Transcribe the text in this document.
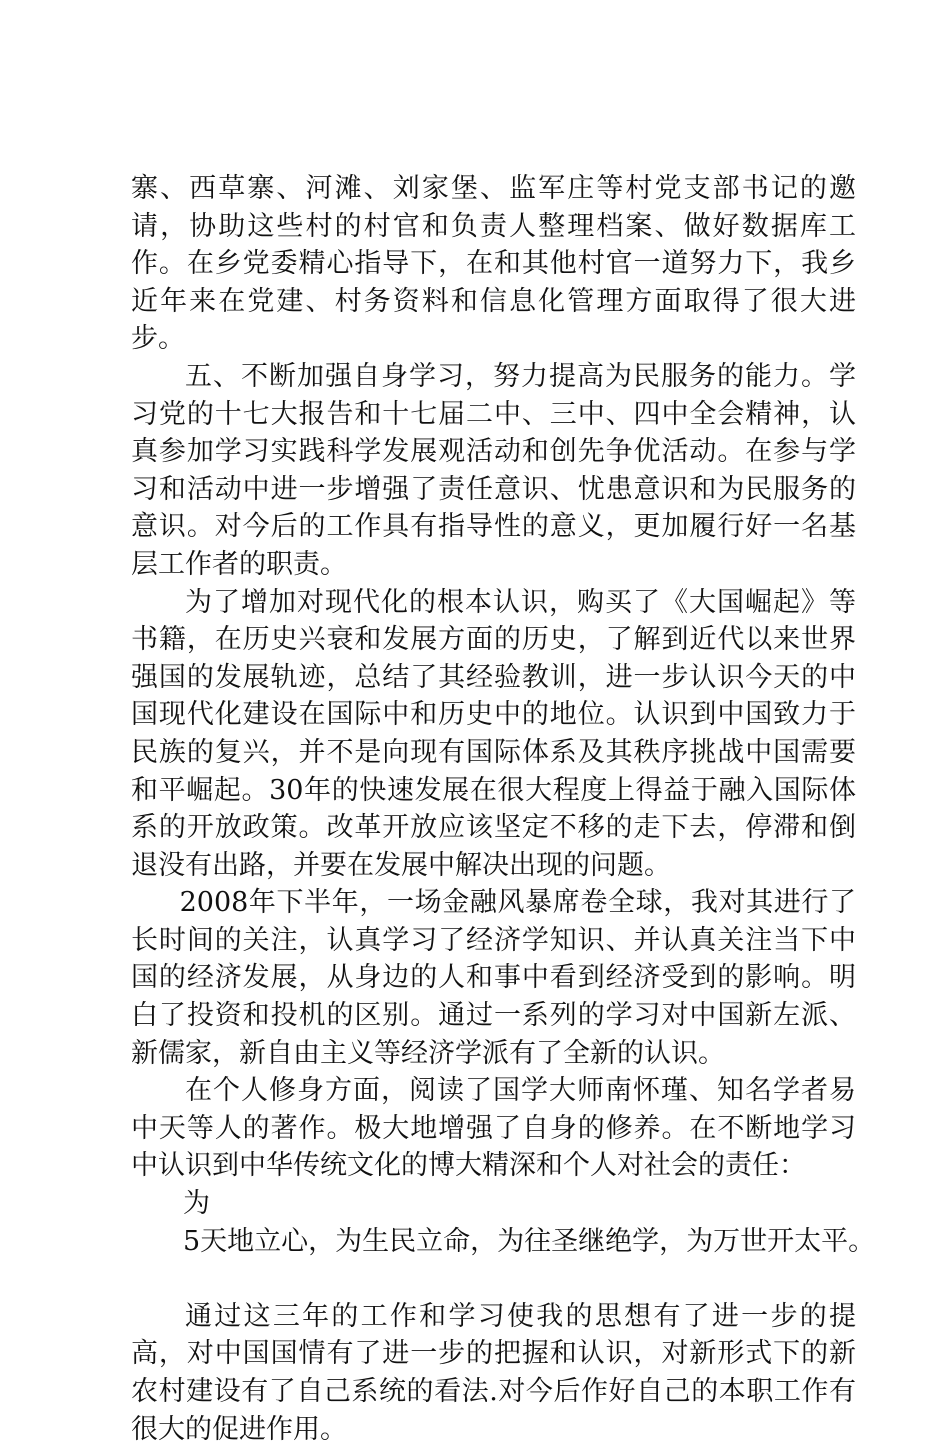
寨、西草寨、河滩、刘家堡、监军庄等村党支部书记的邀请，协助这些村的村官和负责人整理档案、做好数据库工作。在乡党委精心指导下，在和其他村官一道努力下，我乡近年来在党建、村务资料和信息化管理方面取得了很大进步。

五、不断加强自身学习，努力提高为民服务的能力。学习党的十七大报告和十七届二中、三中、四中全会精神，认真参加学习实践科学发展观活动和创先争优活动。在参与学习和活动中进一步增强了责任意识、忧患意识和为民服务的意识。对今后的工作具有指导性的意义，更加履行好一名基层工作者的职责。

为了增加对现代化的根本认识，购买了《大国崛起》等书籍，在历史兴衰和发展方面的历史，了解到近代以来世界强国的发展轨迹，总结了其经验教训，进一步认识今天的中国现代化建设在国际中和历史中的地位。认识到中国致力于民族的复兴，并不是向现有国际体系及其秩序挑战中国需要和平崛起。30年的快速发展在很大程度上得益于融入国际体系的开放政策。改革开放应该坚定不移的走下去，停滞和倒退没有出路，并要在发展中解决出现的问题。

2008年下半年，一场金融风暴席卷全球，我对其进行了长时间的关注，认真学习了经济学知识、并认真关注当下中国的经济发展，从身边的人和事中看到经济受到的影响。明白了投资和投机的区别。通过一系列的学习对中国新左派、新儒家，新自由主义等经济学派有了全新的认识。

在个人修身方面，阅读了国学大师南怀瑾、知名学者易中天等人的著作。极大地增强了自身的修养。在不断地学习中认识到中华传统文化的博大精深和个人对社会的责任：

为
5天地立心，为生民立命，为往圣继绝学，为万世开太平。

通过这三年的工作和学习使我的思想有了进一步的提高，对中国国情有了进一步的把握和认识，对新形式下的新农村建设有了自己系统的看法.对今后作好自己的本职工作有很大的促进作用。
